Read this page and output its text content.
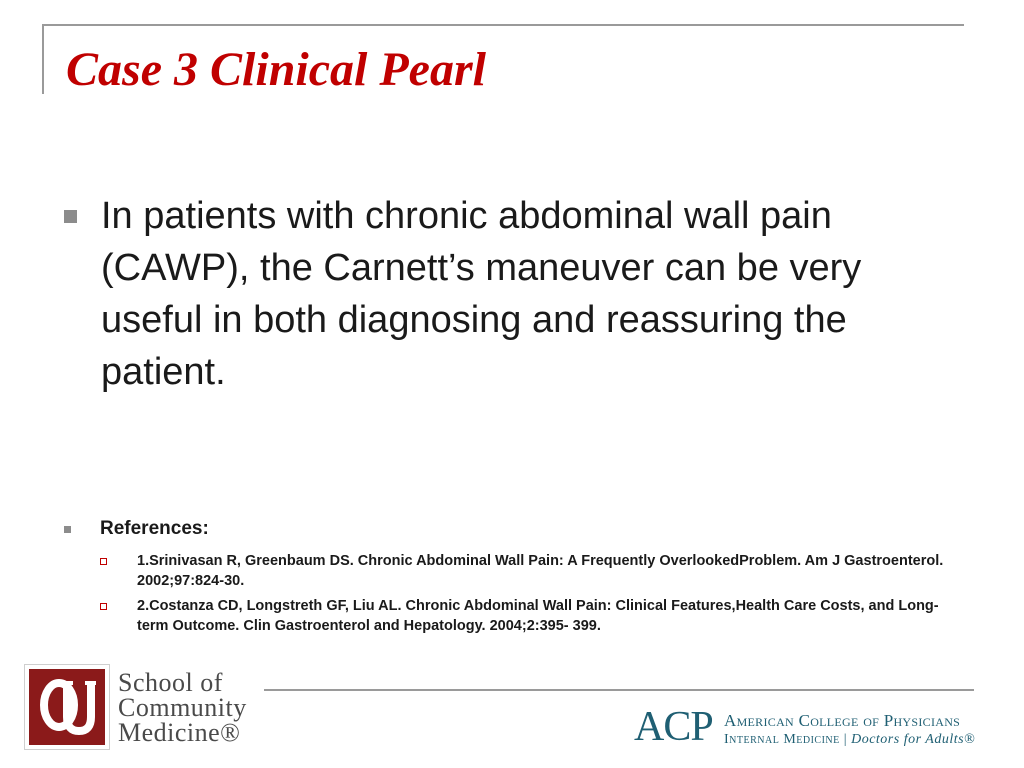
Case 3 Clinical Pearl
In patients with chronic abdominal wall pain (CAWP), the Carnett’s maneuver can be very useful in both diagnosing and reassuring the patient.
References:
1.Srinivasan R, Greenbaum DS. Chronic Abdominal Wall Pain: A Frequently OverlookedProblem. Am J Gastroenterol. 2002;97:824-30.
2.Costanza CD, Longstreth GF, Liu AL. Chronic Abdominal Wall Pain: Clinical Features,Health Care Costs, and Long-term Outcome. Clin Gastroenterol and Hepatology. 2004;2:395- 399.
School of
Community
Medicine®	ACP American College of Physicians
Internal Medicine | Doctors for Adults®
